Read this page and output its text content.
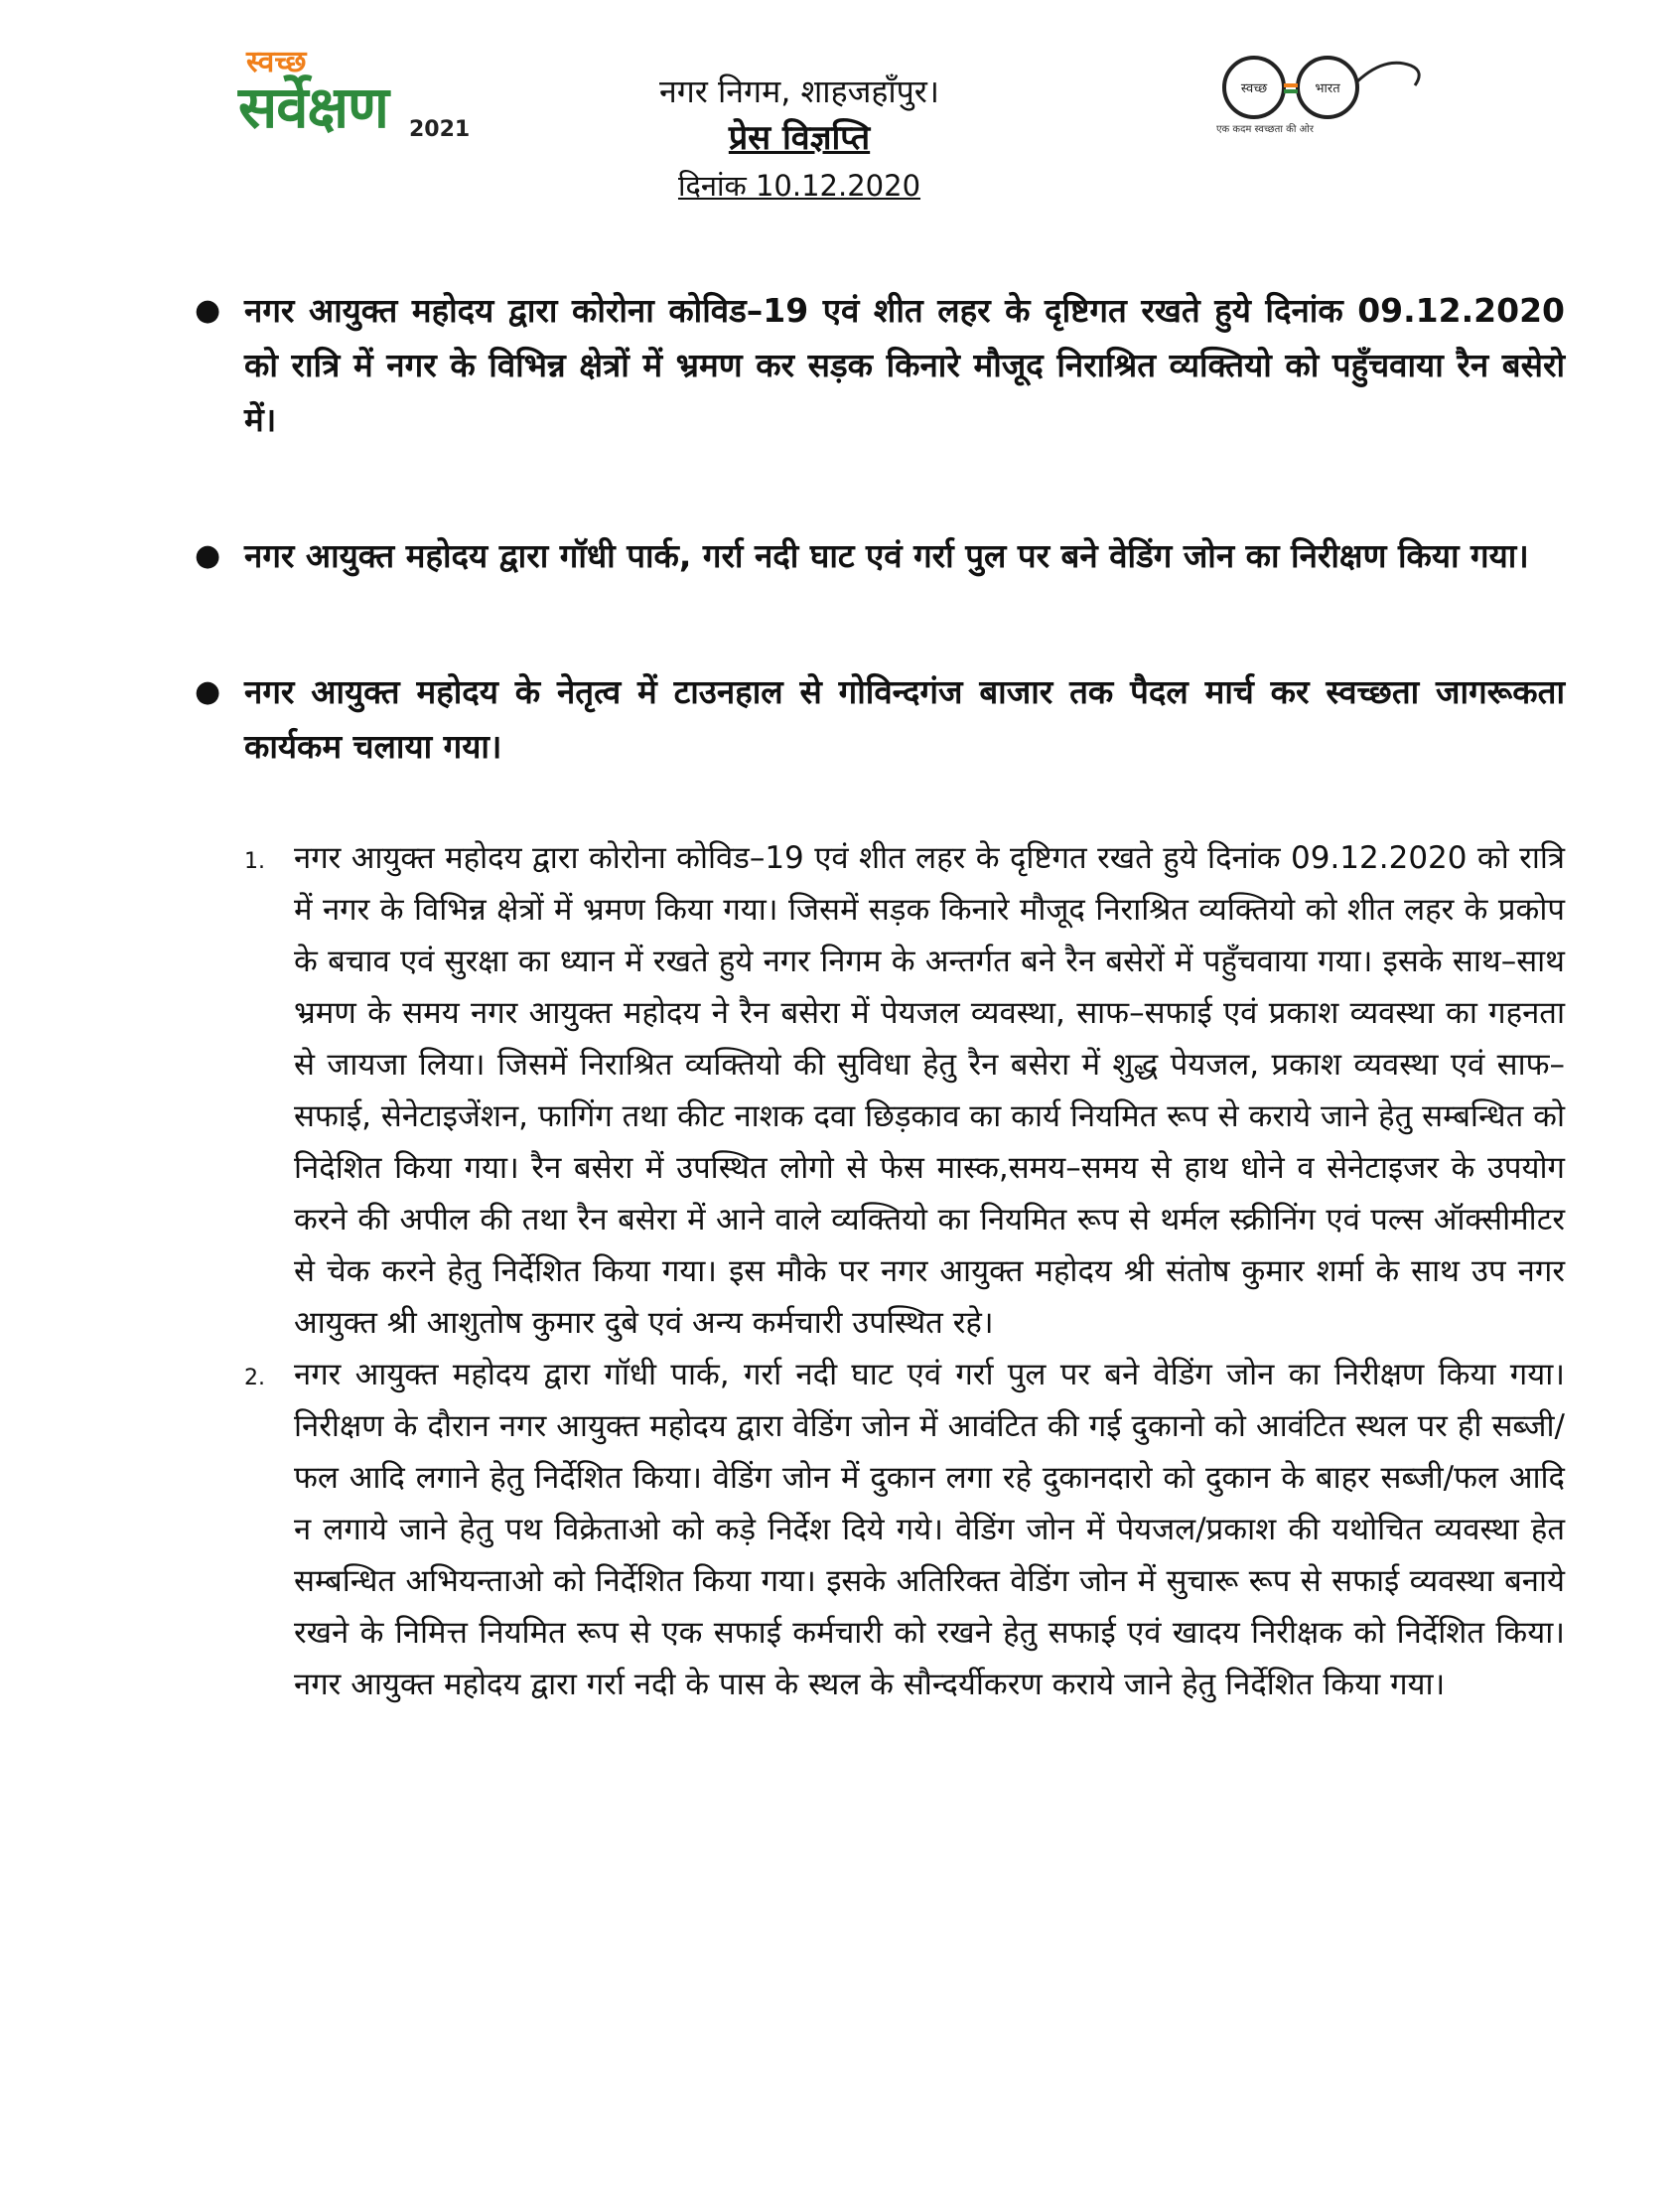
स्वच्छ
सर्वेक्षण 2021
नगर निगम, शाहजहाँपुर।
प्रेस विज्ञप्ति
दिनांक 10.12.2020
स्वच्छ	भारत
एक कदम स्वच्छता की ओर
● नगर आयुक्त महोदय द्वारा कोरोना कोविड–19 एवं शीत लहर के दृष्टिगत रखते हुये दिनांक 09.12.2020 को रात्रि में नगर के विभिन्न क्षेत्रों में भ्रमण कर सड़क किनारे मौजूद निराश्रित व्यक्तियो को पहुँचवाया रैन बसेरो में।
● नगर आयुक्त महोदय द्वारा गॉधी पार्क, गर्रा नदी घाट एवं गर्रा पुल पर बने वेडिंग जोन का निरीक्षण किया गया।
● नगर आयुक्त महोदय के नेतृत्व में टाउनहाल से गोविन्दगंज बाजार तक पैदल मार्च कर स्वच्छता जागरूकता कार्यकम चलाया गया।
1. नगर आयुक्त महोदय द्वारा कोरोना कोविड–19 एवं शीत लहर के दृष्टिगत रखते हुये दिनांक 09.12.2020 को रात्रि में नगर के विभिन्न क्षेत्रों में भ्रमण किया गया। जिसमें सड़क किनारे मौजूद निराश्रित व्यक्तियो को शीत लहर के प्रकोप के बचाव एवं सुरक्षा का ध्यान में रखते हुये नगर निगम के अन्तर्गत बने रैन बसेरों में पहुँचवाया गया। इसके साथ–साथ भ्रमण के समय नगर आयुक्त महोदय ने रैन बसेरा में पेयजल व्यवस्था, साफ–सफाई एवं प्रकाश व्यवस्था का गहनता से जायजा लिया। जिसमें निराश्रित व्यक्तियो की सुविधा हेतु रैन बसेरा में शुद्ध पेयजल, प्रकाश व्यवस्था एवं साफ–सफाई, सेनेटाइजेंशन, फागिंग तथा कीट नाशक दवा छिड़काव का कार्य नियमित रूप से कराये जाने हेतु सम्बन्धित को निदेशित किया गया। रैन बसेरा में उपस्थित लोगो से फेस मास्क,समय–समय से हाथ धोने व सेनेटाइजर के उपयोग करने की अपील की तथा रैन बसेरा में आने वाले व्यक्तियो का नियमित रूप से थर्मल स्क्रीनिंग एवं पल्स ऑक्सीमीटर से चेक करने हेतु निर्देशित किया गया। इस मौके पर नगर आयुक्त महोदय श्री संतोष कुमार शर्मा के साथ उप नगर आयुक्त श्री आशुतोष कुमार दुबे एवं अन्य कर्मचारी उपस्थित रहे।
2. नगर आयुक्त महोदय द्वारा गॉधी पार्क, गर्रा नदी घाट एवं गर्रा पुल पर बने वेडिंग जोन का निरीक्षण किया गया। निरीक्षण के दौरान नगर आयुक्त महोदय द्वारा वेडिंग जोन में आवंटित की गई दुकानो को आवंटित स्थल पर ही सब्जी/फल आदि लगाने हेतु निर्देशित किया। वेडिंग जोन में दुकान लगा रहे दुकानदारो को दुकान के बाहर सब्जी/फल आदि न लगाये जाने हेतु पथ विक्रेताओ को कड़े निर्देश दिये गये। वेडिंग जोन में पेयजल/प्रकाश की यथोचित व्यवस्था हेत सम्बन्धित अभियन्ताओ को निर्देशित किया गया। इसके अतिरिक्त वेडिंग जोन में सुचारू रूप से सफाई व्यवस्था बनाये रखने के निमित्त नियमित रूप से एक सफाई कर्मचारी को रखने हेतु सफाई एवं खादय निरीक्षक को निर्देशित किया। नगर आयुक्त महोदय द्वारा गर्रा नदी के पास के स्थल के सौन्दर्यीकरण कराये जाने हेतु निर्देशित किया गया।
